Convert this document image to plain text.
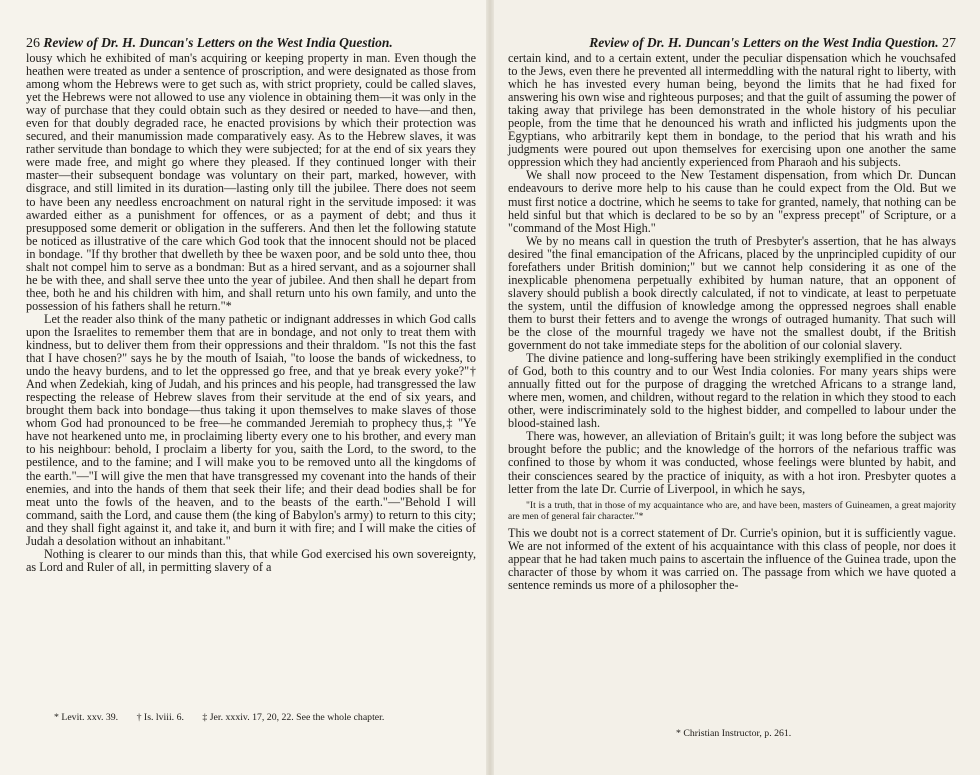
26 Review of Dr. H. Duncan's Letters on the West India Question.

lousy which he exhibited of man's acquiring or keeping property in man. Even though the heathen were treated as under a sentence of proscription, and were designated as those from among whom the Hebrews were to get such as, with strict propriety, could be called slaves, yet the Hebrews were not allowed to use any violence in obtaining them—it was only in the way of purchase that they could obtain such as they desired or needed to have—and then, even for that doubly degraded race, he enacted provisions by which their protection was secured, and their manumission made comparatively easy. As to the Hebrew slaves, it was rather servitude than bondage to which they were subjected; for at the end of six years they were made free, and might go where they pleased. If they continued longer with their master—their subsequent bondage was voluntary on their part, marked, however, with disgrace, and still limited in its duration—lasting only till the jubilee. There does not seem to have been any needless encroachment on natural right in the servitude imposed: it was awarded either as a punishment for offences, or as a payment of debt; and thus it presupposed some demerit or obligation in the sufferers. And then let the following statute be noticed as illustrative of the care which God took that the innocent should not be placed in bondage. "If thy brother that dwelleth by thee be waxen poor, and be sold unto thee, thou shalt not compel him to serve as a bondman: But as a hired servant, and as a sojourner shall he be with thee, and shall serve thee unto the year of jubilee. And then shall he depart from thee, both he and his children with him, and shall return unto his own family, and unto the possession of his fathers shall he return."*

Let the reader also think of the many pathetic or indignant addresses in which God calls upon the Israelites to remember them that are in bondage, and not only to treat them with kindness, but to deliver them from their oppressions and their thraldom. "Is not this the fast that I have chosen?" says he by the mouth of Isaiah, "to loose the bands of wickedness, to undo the heavy burdens, and to let the oppressed go free, and that ye break every yoke?"† And when Zedekiah, king of Judah, and his princes and his people, had transgressed the law respecting the release of Hebrew slaves from their servitude at the end of six years, and brought them back into bondage—thus taking it upon themselves to make slaves of those whom God had pronounced to be free—he commanded Jeremiah to prophecy thus,‡ "Ye have not hearkened unto me, in proclaiming liberty every one to his brother, and every man to his neighbour: behold, I proclaim a liberty for you, saith the Lord, to the sword, to the pestilence, and to the famine; and I will make you to be removed unto all the kingdoms of the earth."—"I will give the men that have transgressed my covenant into the hands of their enemies, and into the hands of them that seek their life; and their dead bodies shall be for meat unto the fowls of the heaven, and to the beasts of the earth."—"Behold I will command, saith the Lord, and cause them (the king of Babylon's army) to return to this city; and they shall fight against it, and take it, and burn it with fire; and I will make the cities of Judah a desolation without an inhabitant."

Nothing is clearer to our minds than this, that while God exercised his own sovereignty, as Lord and Ruler of all, in permitting slavery of a

* Levit. xxv. 39. † Is. lviii. 6. ‡ Jer. xxxiv. 17, 20, 22. See the whole chapter.
Review of Dr. H. Duncan's Letters on the West India Question. 27

certain kind, and to a certain extent, under the peculiar dispensation which he vouchsafed to the Jews, even there he prevented all intermeddling with the natural right to liberty, with which he has invested every human being, beyond the limits that he had fixed for answering his own wise and righteous purposes; and that the guilt of assuming the power of taking away that privilege has been demonstrated in the whole history of his peculiar people, from the time that he denounced his wrath and inflicted his judgments upon the Egyptians, who arbitrarily kept them in bondage, to the period that his wrath and his judgments were poured out upon themselves for exercising upon one another the same oppression which they had anciently experienced from Pharaoh and his subjects.

We shall now proceed to the New Testament dispensation, from which Dr. Duncan endeavours to derive more help to his cause than he could expect from the Old. But we must first notice a doctrine, which he seems to take for granted, namely, that nothing can be held sinful but that which is declared to be so by an "express precept" of Scripture, or a "command of the Most High."

We by no means call in question the truth of Presbyter's assertion, that he has always desired "the final emancipation of the Africans, placed by the unprincipled cupidity of our forefathers under British dominion;" but we cannot help considering it as one of the inexplicable phenomena perpetually exhibited by human nature, that an opponent of slavery should publish a book directly calculated, if not to vindicate, at least to perpetuate the system, until the diffusion of knowledge among the oppressed negroes shall enable them to burst their fetters and to avenge the wrongs of outraged humanity. That such will be the close of the mournful tragedy we have not the smallest doubt, if the British government do not take immediate steps for the abolition of our colonial slavery.

The divine patience and long-suffering have been strikingly exemplified in the conduct of God, both to this country and to our West India colonies. For many years ships were annually fitted out for the purpose of dragging the wretched Africans to a strange land, where men, women, and children, without regard to the relation in which they stood to each other, were indiscriminately sold to the highest bidder, and compelled to labour under the blood-stained lash.

There was, however, an alleviation of Britain's guilt; it was long before the subject was brought before the public; and the knowledge of the horrors of the nefarious traffic was confined to those by whom it was conducted, whose feelings were blunted by habit, and their consciences seared by the practice of iniquity, as with a hot iron. Presbyter quotes a letter from the late Dr. Currie of Liverpool, in which he says,

"It is a truth, that in those of my acquaintance who are, and have been, masters of Guineamen, a great majority are men of general fair character."*

This we doubt not is a correct statement of Dr. Currie's opinion, but it is sufficiently vague. We are not informed of the extent of his acquaintance with this class of people, nor does it appear that he had taken much pains to ascertain the influence of the Guinea trade, upon the character of those by whom it was carried on. The passage from which we have quoted a sentence reminds us more of a philosopher the-

* Christian Instructor, p. 261.
